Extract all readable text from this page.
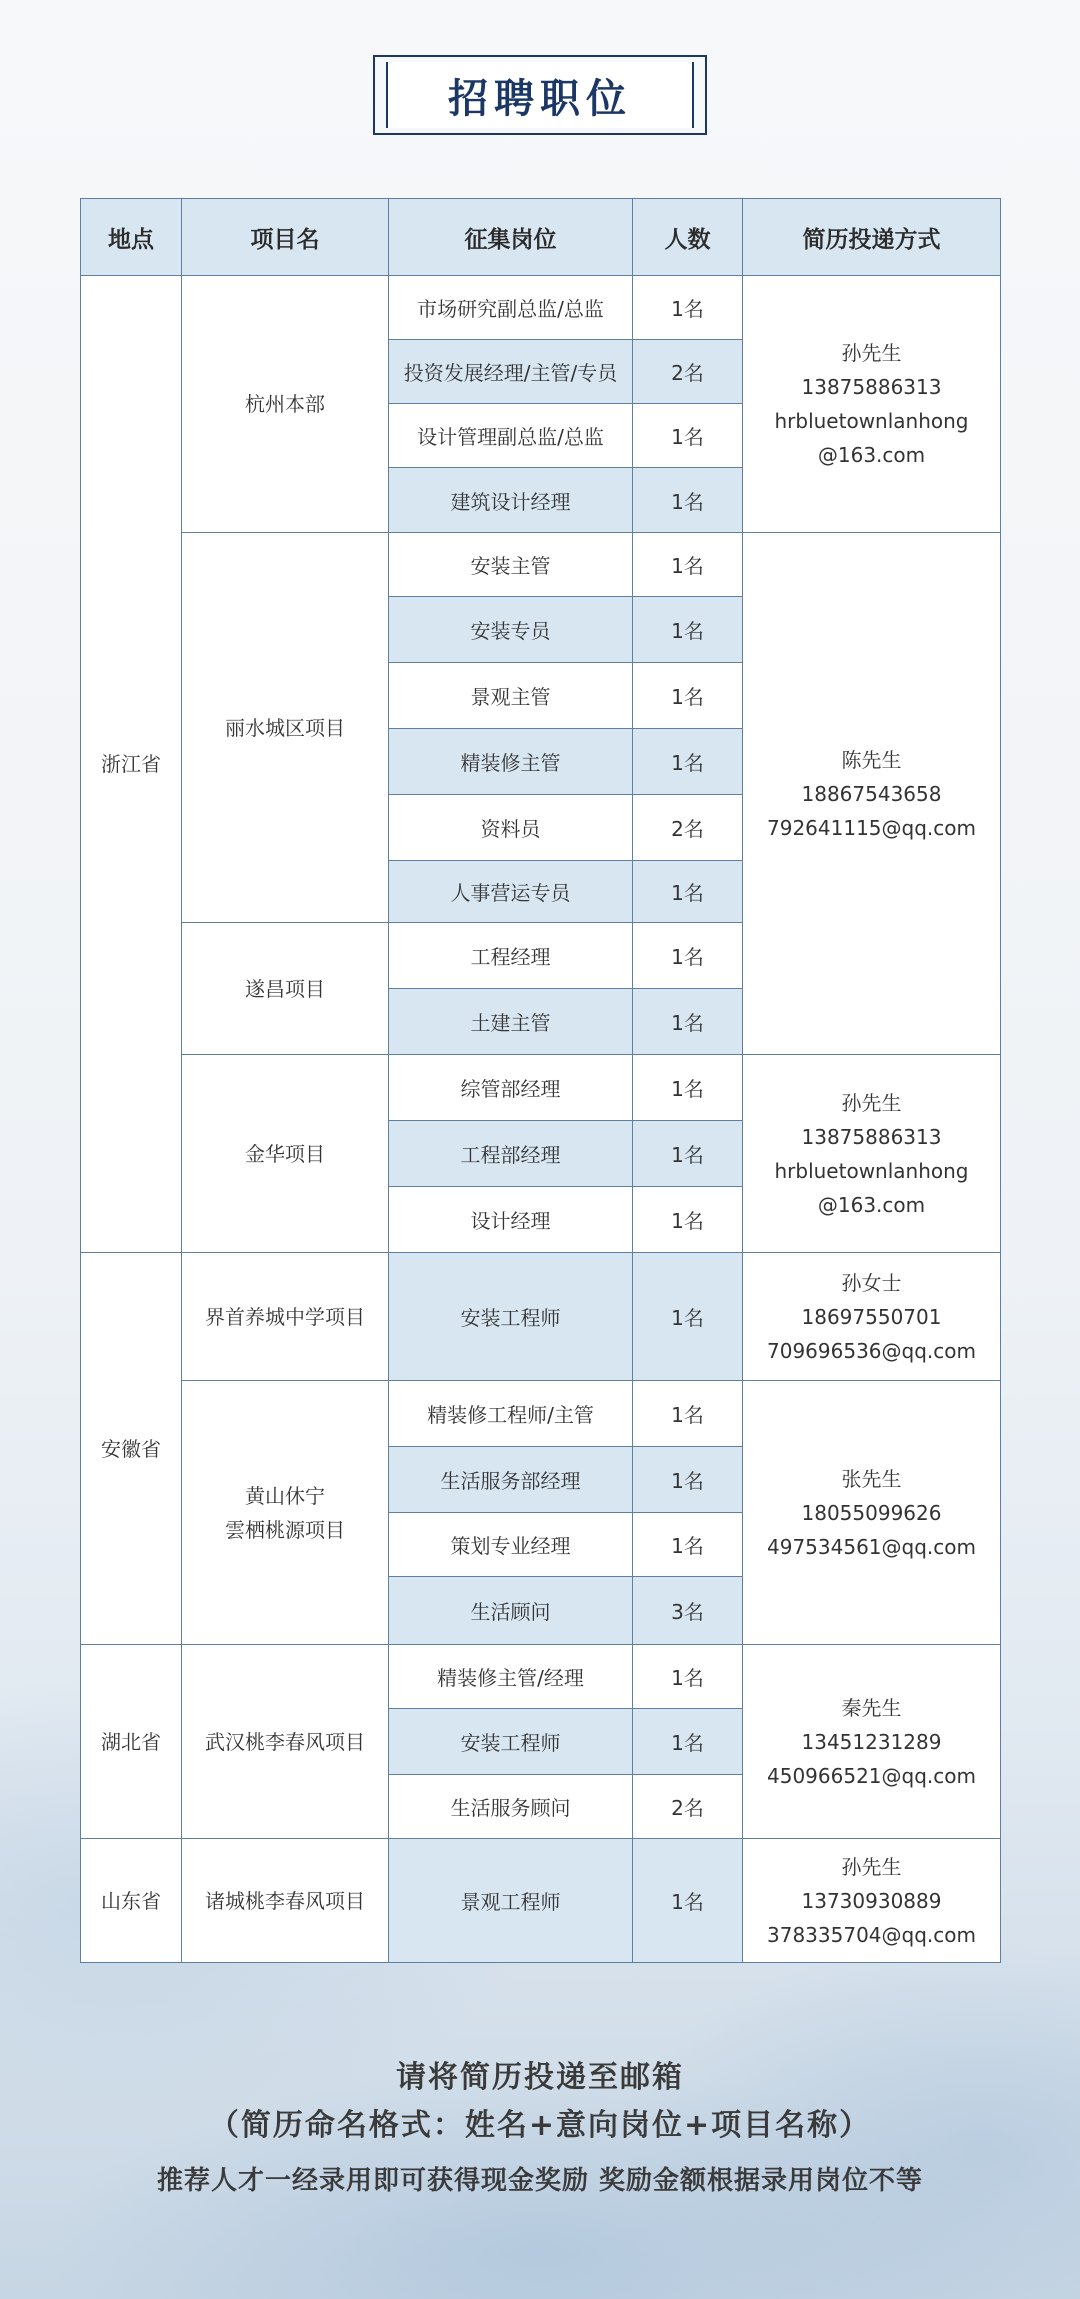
招聘职位
地点	项目名	征集岗位	人数	简历投递方式
浙江省	杭州本部	市场研究副总监/总监	1名	孙先生
13875886313
hrbluetownlanhong
@163.com

		投资发展经理/主管/专员	2名	
		设计管理副总监/总监	1名	
		建筑设计经理	1名	
	丽水城区项目	安装主管	1名	陈先生
18867543658
792641115@qq.com

		安装专员	1名	
		景观主管	1名	
		精装修主管	1名	
		资料员	2名	
		人事营运专员	1名	
	遂昌项目	工程经理	1名	
		土建主管	1名	
	金华项目	综管部经理	1名	孙先生
13875886313
hrbluetownlanhong
@163.com

		工程部经理	1名	
		设计经理	1名	
安徽省	界首养城中学项目	安装工程师	1名	孙女士
18697550701
709696536@qq.com

	黄山休宁
雲栖桃源项目	精装修工程师/主管	1名	张先生
18055099626
497534561@qq.com

		生活服务部经理	1名	
		策划专业经理	1名	
		生活顾问	3名	
湖北省	武汉桃李春风项目	精装修主管/经理	1名	秦先生
13451231289
450966521@qq.com

		安装工程师	1名	
		生活服务顾问	2名	
山东省	诸城桃李春风项目	景观工程师	1名	孙先生
13730930889
378335704@qq.com
请将简历投递至邮箱
（简历命名格式：姓名+意向岗位+项目名称）
推荐人才一经录用即可获得现金奖励 奖励金额根据录用岗位不等
